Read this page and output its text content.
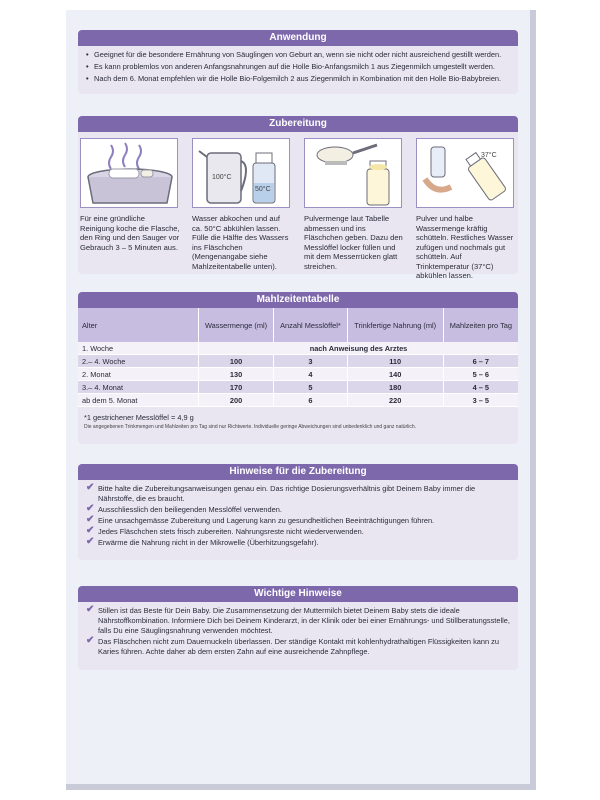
Anwendung
• Geeignet für die besondere Ernährung von Säuglingen von Geburt an, wenn sie nicht oder nicht ausreichend gestillt werden.
• Es kann problemlos von anderen Anfangsnahrungen auf die Holle Bio-Anfangsmilch 1 aus Ziegenmilch umgestellt werden.
• Nach dem 6. Monat empfehlen wir die Holle Bio-Folgemilch 2 aus Ziegenmilch in Kombination mit den Holle Bio-Babybreien.
Zubereitung
Für eine gründliche Reinigung koche die Flasche, den Ring und den Sauger vor Gebrauch 3 – 5 Minuten aus.
100°C
50°C
Wasser abkochen und auf ca. 50°C abkühlen lassen. Fülle die Hälfte des Wassers ins Fläschchen (Mengenangabe siehe Mahlzeitentabelle unten).
Pulvermenge laut Tabelle abmessen und ins Fläschchen geben. Dazu den Messlöffel locker füllen und mit dem Messerrücken glatt streichen.
37°C
Pulver und halbe Wassermenge kräftig schütteln. Restliches Wasser zufügen und nochmals gut schütteln. Auf Trinktemperatur (37°C) abkühlen lassen.
Mahlzeitentabelle
Alter	Wassermenge (ml)	Anzahl Messlöffel*	Trinkfertige Nahrung (ml)	Mahlzeiten pro Tag
1. Woche	nach Anweisung des Arztes			
2.– 4. Woche	100	3	110	6 – 7
2. Monat	130	4	140	5 – 6
3.– 4. Monat	170	5	180	4 – 5
ab dem 5. Monat	200	6	220	3 – 5
*1 gestrichener Messlöffel = 4,9 g
Die angegebenen Trinkmengen und Mahlzeiten pro Tag sind nur Richtwerte. Individuelle geringe Abweichungen sind unbedenklich und ganz natürlich.
Hinweise für die Zubereitung
✔ Bitte halte die Zubereitungsanweisungen genau ein. Das richtige Dosierungsverhältnis gibt Deinem Baby immer die Nährstoffe, die es braucht.
✔ Ausschliesslich den beiliegenden Messlöffel verwenden.
✔ Eine unsachgemässe Zubereitung und Lagerung kann zu gesundheitlichen Beeinträchtigungen führen.
✔ Jedes Fläschchen stets frisch zubereiten. Nahrungsreste nicht wiederverwenden.
✔ Erwärme die Nahrung nicht in der Mikrowelle (Überhitzungsgefahr).
Wichtige Hinweise
✔ Stillen ist das Beste für Dein Baby. Die Zusammensetzung der Muttermilch bietet Deinem Baby stets die ideale Nährstoffkombination. Informiere Dich bei Deinem Kinderarzt, in der Klinik oder bei einer Ernährungs- und Stillberatungsstelle, falls Du eine Säuglingsnahrung verwenden möchtest.
✔ Das Fläschchen nicht zum Dauernuckeln überlassen. Der ständige Kontakt mit kohlenhydrathaltigen Flüssigkeiten kann zu Karies führen. Achte daher ab dem ersten Zahn auf eine ausreichende Zahnpflege.
